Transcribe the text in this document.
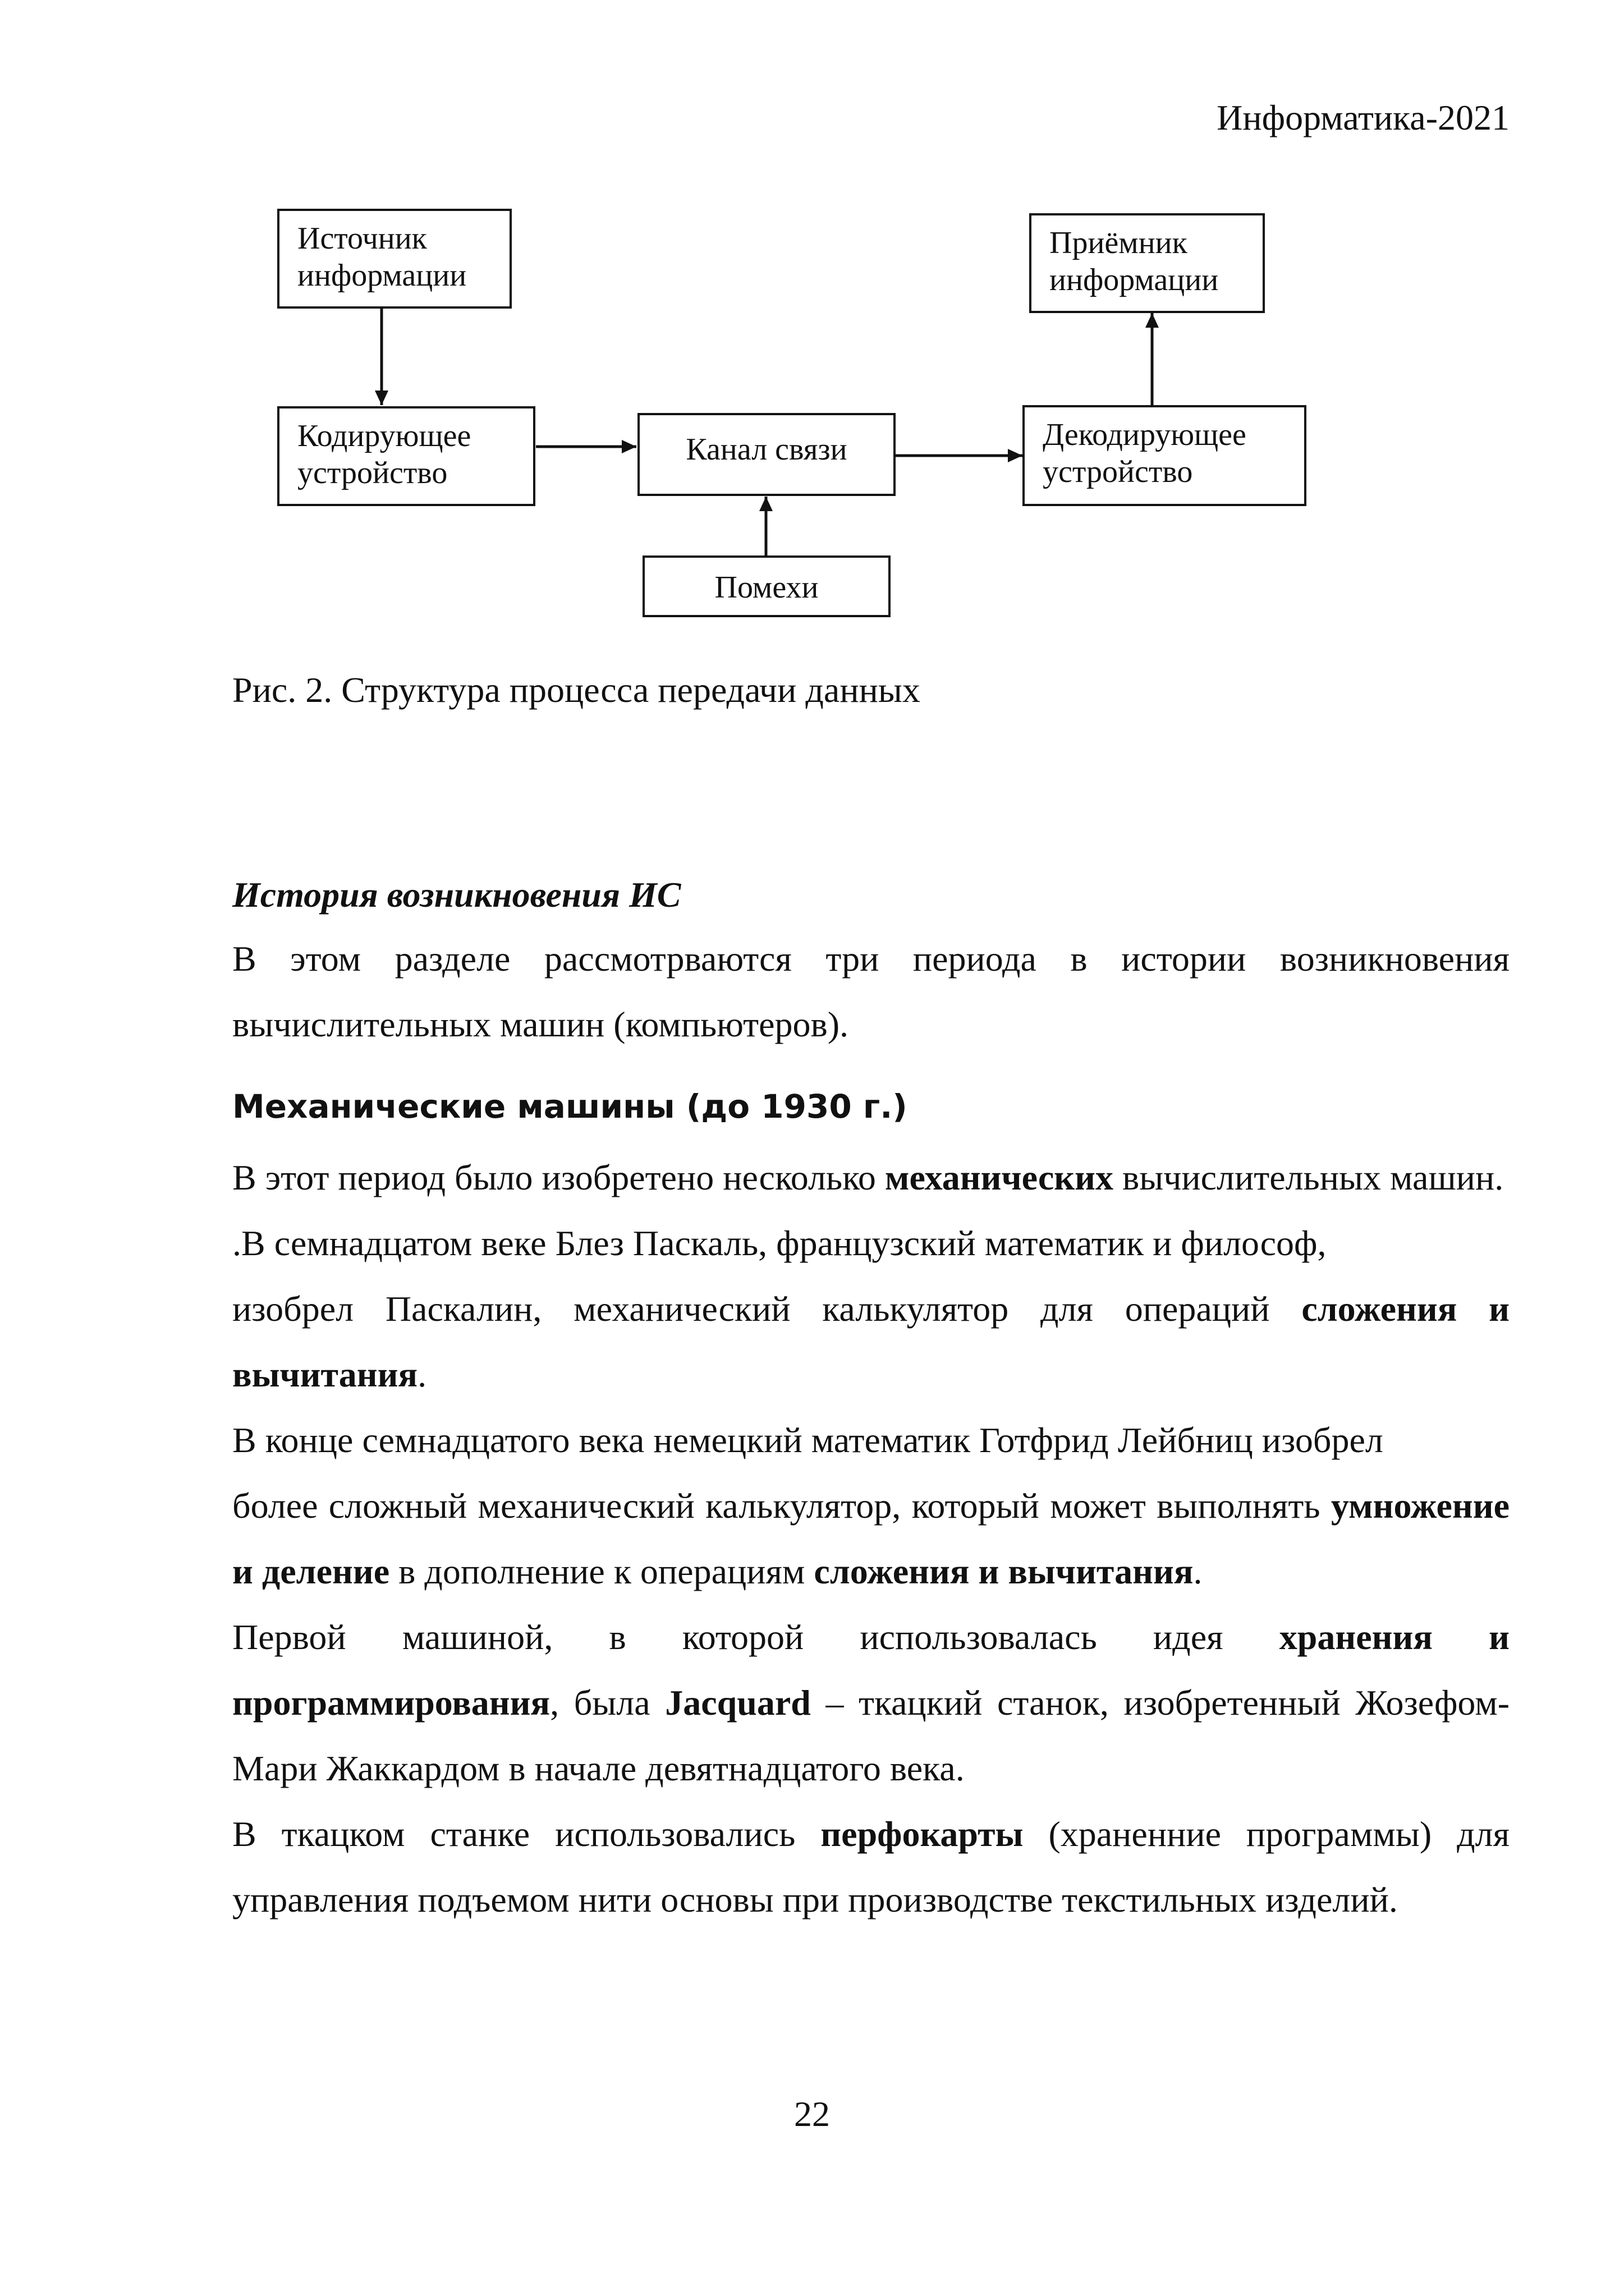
Информатика-2021
Источник
информации
Приёмник
информации
Кодирующее
устройство
Канал связи	Декодирующее
устройство
Помехи
Рис. 2. Структура процесса передачи данных
История возникновения ИС

В этом разделе рассмотрваются три периода в истории возникновения вычислительных машин (компьютеров).

Механические машины (до 1930 г.)

В этот период было изобретено несколько механических вычислительных машин.

.В семнадцатом веке Блез Паскаль, французский математик и философ,

изобрел Паскалин, механический калькулятор для операций сложения и вычитания.

В конце семнадцатого века немецкий математик Готфрид Лейбниц изобрел

более сложный механический калькулятор, который может выполнять умножение и деление в дополнение к операциям сложения и вычитания.

Первой машиной, в которой использовалась идея хранения и программирования, была Jacquard – ткацкий станок, изобретенный Жозефом-Мари Жаккардом в начале девятнадцатого века.

В ткацком станке использовались перфокарты (храненние программы) для управления подъемом нити основы при производстве текстильных изделий.

22
